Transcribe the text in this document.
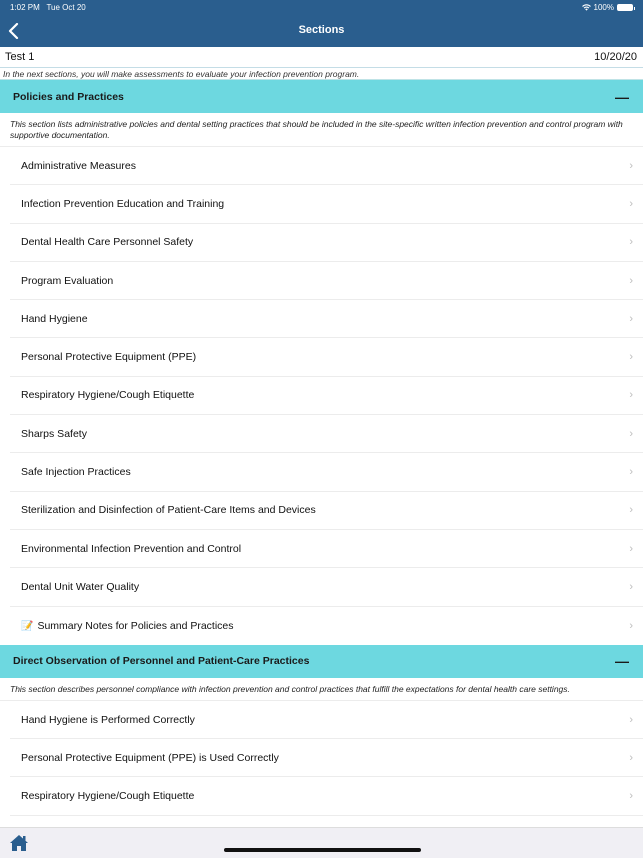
1:02 PM Tue Oct 20	100%
Sections
Test 1	10/20/20
In the next sections, you will make assessments to evaluate your infection prevention program.
Policies and Practices	—
This section lists administrative policies and dental setting practices that should be included in the site-specific written infection prevention and control program with supportive documentation.
Administrative Measures	›
Infection Prevention Education and Training	›
Dental Health Care Personnel Safety	›
Program Evaluation	›
Hand Hygiene	›
Personal Protective Equipment (PPE)	›
Respiratory Hygiene/Cough Etiquette	›
Sharps Safety	›
Safe Injection Practices	›
Sterilization and Disinfection of Patient-Care Items and Devices	›
Environmental Infection Prevention and Control	›
Dental Unit Water Quality	›
📝 Summary Notes for Policies and Practices	›
Direct Observation of Personnel and Patient-Care Practices	—
This section describes personnel compliance with infection prevention and control practices that fulfill the expectations for dental health care settings.
Hand Hygiene is Performed Correctly	›
Personal Protective Equipment (PPE) is Used Correctly	›
Respiratory Hygiene/Cough Etiquette	›
